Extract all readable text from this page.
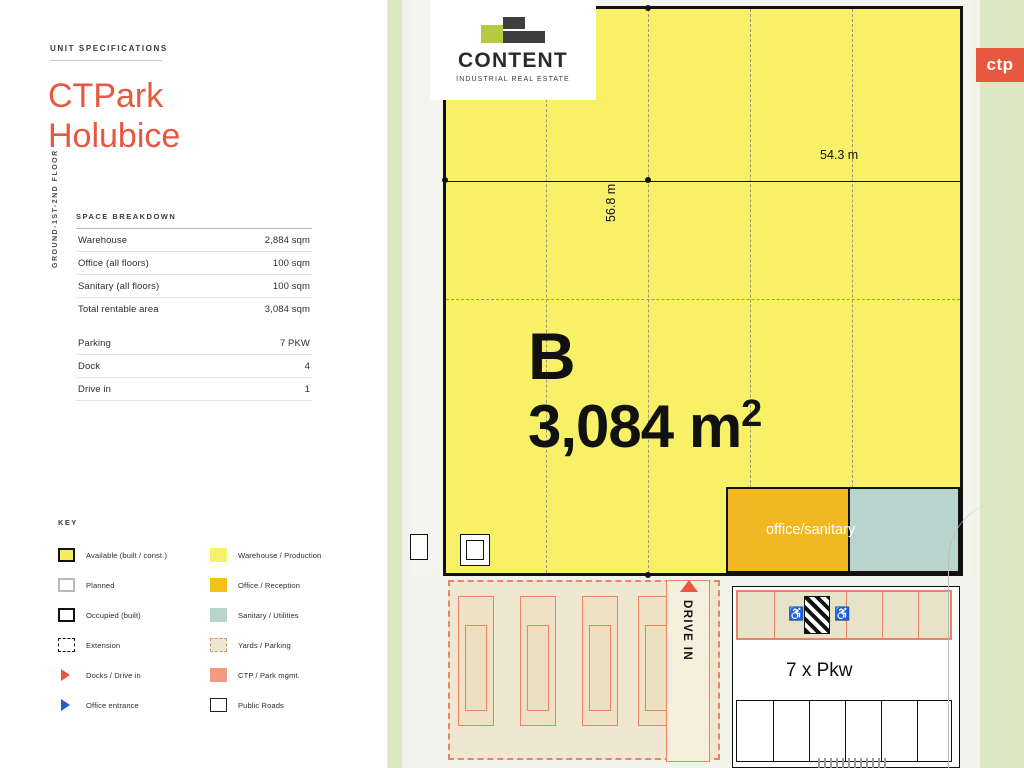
UNIT SPECIFICATIONS
CTPark
Holubice
GROUND-1ST-2ND FLOOR SPACE BREAKDOWN
Warehouse	2,884 sqm
Office (all floors)	100 sqm
Sanitary (all floors)	100 sqm
Total rentable area	3,084 sqm
Parking	7 PKW
Dock	4
Drive in	1
KEY
Available (built / const.)
Planned
Occupied (built)
Extension
Docks / Drive in
Office entrance
Warehouse / Production
Office / Reception
Sanitary / Utilities
Yards / Parking
CTP / Park mgmt.
Public Roads
B
3,084 $m^2$
54.3 m
56.8 m
office/sanitary
DRIVE IN	♿ ♿
7 x Pkw
ctp
CONTENT
INDUSTRIAL REAL ESTATE
